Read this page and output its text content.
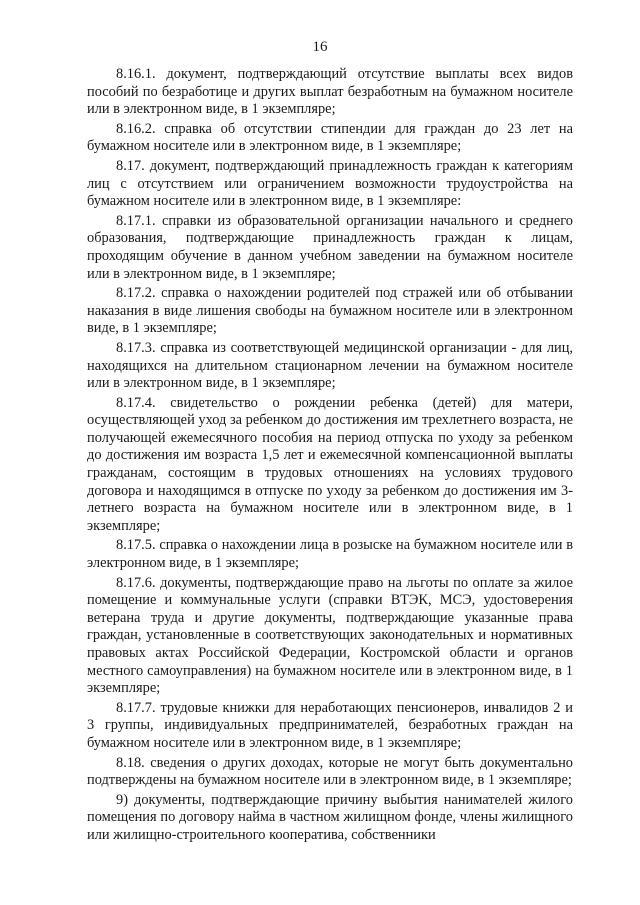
16

8.16.1. документ, подтверждающий отсутствие выплаты всех видов пособий по безработице и других выплат безработным на бумажном носителе или в электронном виде, в 1 экземпляре;

8.16.2. справка об отсутствии стипендии для граждан до 23 лет на бумажном носителе или в электронном виде, в 1 экземпляре;

8.17. документ, подтверждающий принадлежность граждан к категориям лиц с отсутствием или ограничением возможности трудоустройства на бумажном носителе или в электронном виде, в 1 экземпляре:

8.17.1. справки из образовательной организации начального и среднего образования, подтверждающие принадлежность граждан к лицам, проходящим обучение в данном учебном заведении на бумажном носителе или в электронном виде, в 1 экземпляре;

8.17.2. справка о нахождении родителей под стражей или об отбывании наказания в виде лишения свободы на бумажном носителе или в электронном виде, в 1 экземпляре;

8.17.3. справка из соответствующей медицинской организации - для лиц, находящихся на длительном стационарном лечении на бумажном носителе или в электронном виде, в 1 экземпляре;

8.17.4. свидетельство о рождении ребенка (детей) для матери, осуществляющей уход за ребенком до достижения им трехлетнего возраста, не получающей ежемесячного пособия на период отпуска по уходу за ребенком до достижения им возраста 1,5 лет и ежемесячной компенсационной выплаты гражданам, состоящим в трудовых отношениях на условиях трудового договора и находящимся в отпуске по уходу за ребенком до достижения им 3-летнего возраста на бумажном носителе или в электронном виде, в 1 экземпляре;

8.17.5. справка о нахождении лица в розыске на бумажном носителе или в электронном виде, в 1 экземпляре;

8.17.6. документы, подтверждающие право на льготы по оплате за жилое помещение и коммунальные услуги (справки ВТЭК, МСЭ, удостоверения ветерана труда и другие документы, подтверждающие указанные права граждан, установленные в соответствующих законодательных и нормативных правовых актах Российской Федерации, Костромской области и органов местного самоуправления) на бумажном носителе или в электронном виде, в 1 экземпляре;

8.17.7. трудовые книжки для неработающих пенсионеров, инвалидов 2 и 3 группы, индивидуальных предпринимателей, безработных граждан на бумажном носителе или в электронном виде, в 1 экземпляре;

8.18. сведения о других доходах, которые не могут быть документально подтверждены на бумажном носителе или в электронном виде, в 1 экземпляре;

9) документы, подтверждающие причину выбытия нанимателей жилого помещения по договору найма в частном жилищном фонде, члены жилищного или жилищно-строительного кооператива, собственники
